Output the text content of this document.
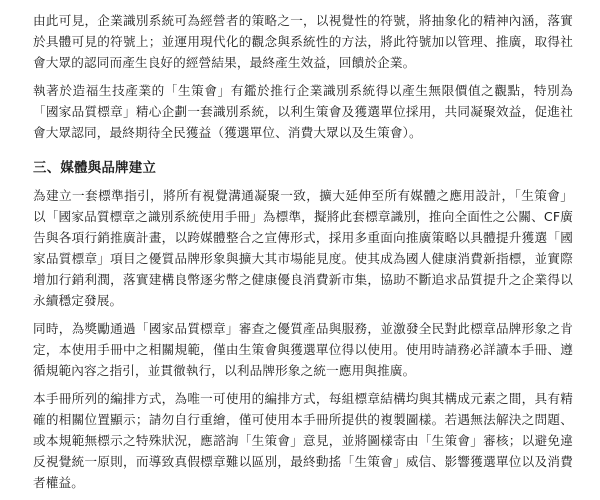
由此可見，企業識別系統可為經營者的策略之一，以視覺性的符號，將抽象化的精神內涵，落實於具體可見的符號上；並運用現代化的觀念與系統性的方法，將此符號加以管理、推廣，取得社會大眾的認同而產生良好的經營結果，最終產生效益，回饋於企業。

執著於造福生技產業的「生策會」有鑑於推行企業識別系統得以產生無限價值之觀點，特別為「國家品質標章」精心企劃一套識別系統，以利生策會及獲選單位採用，共同凝聚效益，促進社會大眾認同，最終期待全民獲益（獲選單位、消費大眾以及生策會）。

三、媒體與品牌建立

為建立一套標準指引，將所有視覺溝通凝聚一致，擴大延伸至所有媒體之應用設計，「生策會」以「國家品質標章之識別系統使用手冊」為標準，擬將此套標章識別，推向全面性之公關、CF廣告與各項行銷推廣計畫，以跨媒體整合之宣傳形式，採用多重面向推廣策略以具體提升獲選「國家品質標章」項目之優質品牌形象與擴大其市場能見度。使其成為國人健康消費新指標，並實際增加行銷利潤，落實建構良幣逐劣幣之健康優良消費新市集，協助不斷追求品質提升之企業得以永續穩定發展。

同時，為獎勵通過「國家品質標章」審查之優質產品與服務，並激發全民對此標章品牌形象之肯定，本使用手冊中之相關規範，僅由生策會與獲選單位得以使用。使用時請務必詳讀本手冊、遵循規範內容之指引，並貫徹執行，以利品牌形象之統一應用與推廣。

本手冊所列的編排方式，為唯一可使用的編排方式，每組標章結構均與其構成元素之間，具有精確的相關位置顯示；請勿自行重繪，僅可使用本手冊所提供的複製圖樣。若遇無法解決之問題、或本規範無標示之特殊狀況，應諮詢「生策會」意見，並將圖樣寄由「生策會」審核；以避免違反視覺統一原則，而導致真假標章難以區別，最終動搖「生策會」威信、影響獲選單位以及消費者權益。
